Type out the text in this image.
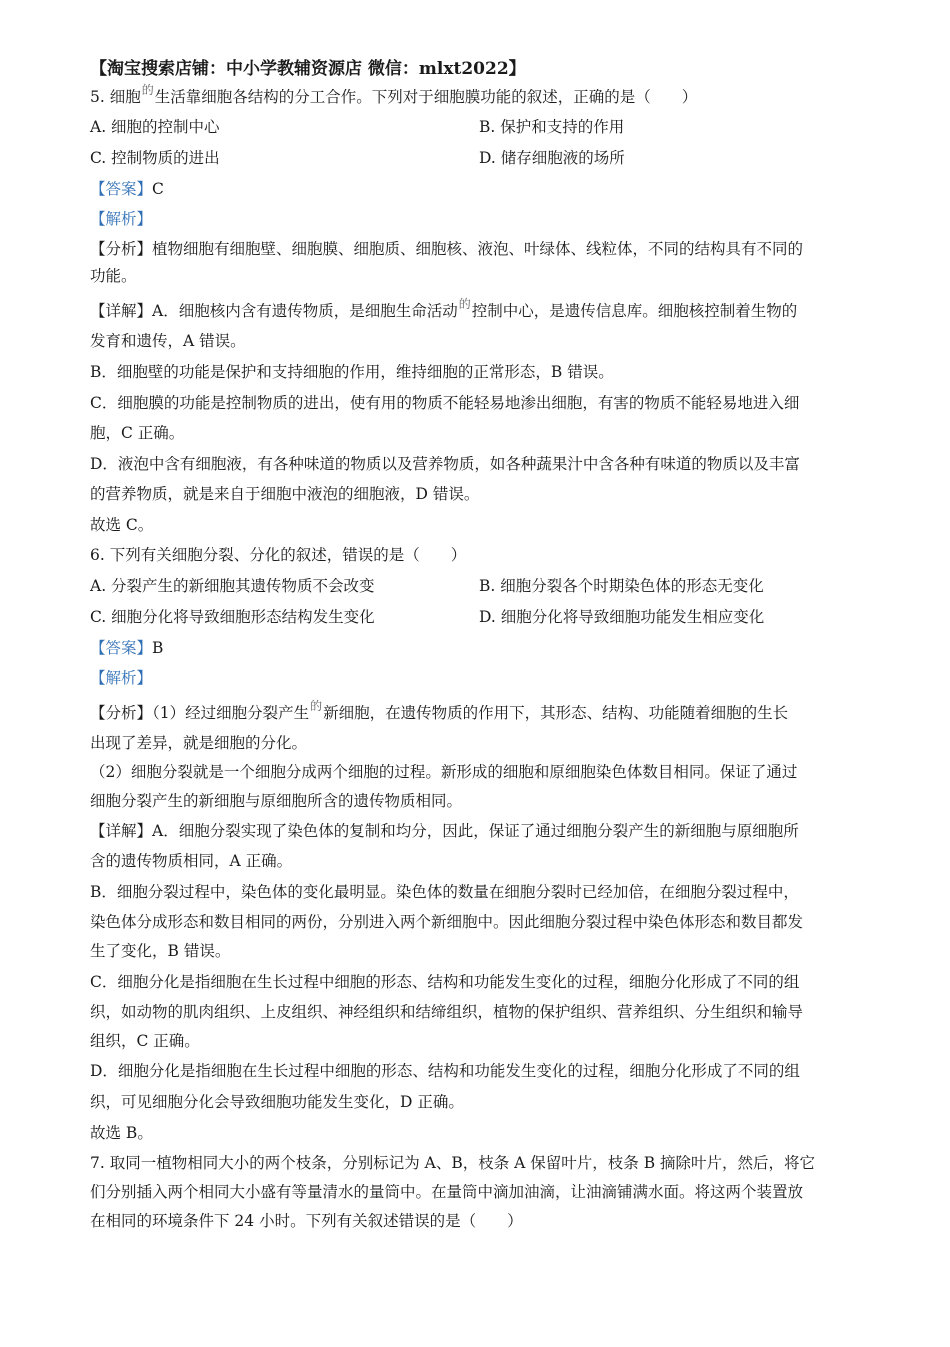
【淘宝搜索店铺：中小学教辅资源店 微信：mlxt2022】
5. 细胞$^的$生活靠细胞各结构的分工合作。下列对于细胞膜功能的叙述，正确的是（　　）
A. 细胞的控制中心	B. 保护和支持的作用
C. 控制物质的进出	D. 储存细胞液的场所
【答案】C
【解析】
【分析】植物细胞有细胞壁、细胞膜、细胞质、细胞核、液泡、叶绿体、线粒体，不同的结构具有不同的
功能。
【详解】A．细胞核内含有遗传物质，是细胞生命活动$^的$控制中心，是遗传信息库。细胞核控制着生物的
发育和遗传，A 错误。
B．细胞壁的功能是保护和支持细胞的作用，维持细胞的正常形态，B 错误。
C．细胞膜的功能是控制物质的进出，使有用的物质不能轻易地渗出细胞，有害的物质不能轻易地进入细
胞，C 正确。
D．液泡中含有细胞液，有各种味道的物质以及营养物质，如各种蔬果汁中含各种有味道的物质以及丰富
的营养物质，就是来自于细胞中液泡的细胞液，D 错误。
故选 C。
6. 下列有关细胞分裂、分化的叙述，错误的是（　　）
A. 分裂产生的新细胞其遗传物质不会改变	B. 细胞分裂各个时期染色体的形态无变化
C. 细胞分化将导致细胞形态结构发生变化	D. 细胞分化将导致细胞功能发生相应变化
【答案】B
【解析】
【分析】（1）经过细胞分裂产生$^的$新细胞，在遗传物质的作用下，其形态、结构、功能随着细胞的生长
出现了差异，就是细胞的分化。
（2）细胞分裂就是一个细胞分成两个细胞的过程。新形成的细胞和原细胞染色体数目相同。保证了通过
细胞分裂产生的新细胞与原细胞所含的遗传物质相同。
【详解】A．细胞分裂实现了染色体的复制和均分，因此，保证了通过细胞分裂产生的新细胞与原细胞所
含的遗传物质相同，A 正确。
B．细胞分裂过程中，染色体的变化最明显。染色体的数量在细胞分裂时已经加倍，在细胞分裂过程中，
染色体分成形态和数目相同的两份，分别进入两个新细胞中。因此细胞分裂过程中染色体形态和数目都发
生了变化，B 错误。
C．细胞分化是指细胞在生长过程中细胞的形态、结构和功能发生变化的过程，细胞分化形成了不同的组
织，如动物的肌肉组织、上皮组织、神经组织和结缔组织，植物的保护组织、营养组织、分生组织和输导
组织，C 正确。
D．细胞分化是指细胞在生长过程中细胞的形态、结构和功能发生变化的过程，细胞分化形成了不同的组
织，可见细胞分化会导致细胞功能发生变化，D 正确。
故选 B。
7. 取同一植物相同大小的两个枝条，分别标记为 A、B，枝条 A 保留叶片，枝条 B 摘除叶片，然后，将它
们分别插入两个相同大小盛有等量清水的量筒中。在量筒中滴加油滴，让油滴铺满水面。将这两个装置放
在相同的环境条件下 24 小时。下列有关叙述错误的是（　　）
